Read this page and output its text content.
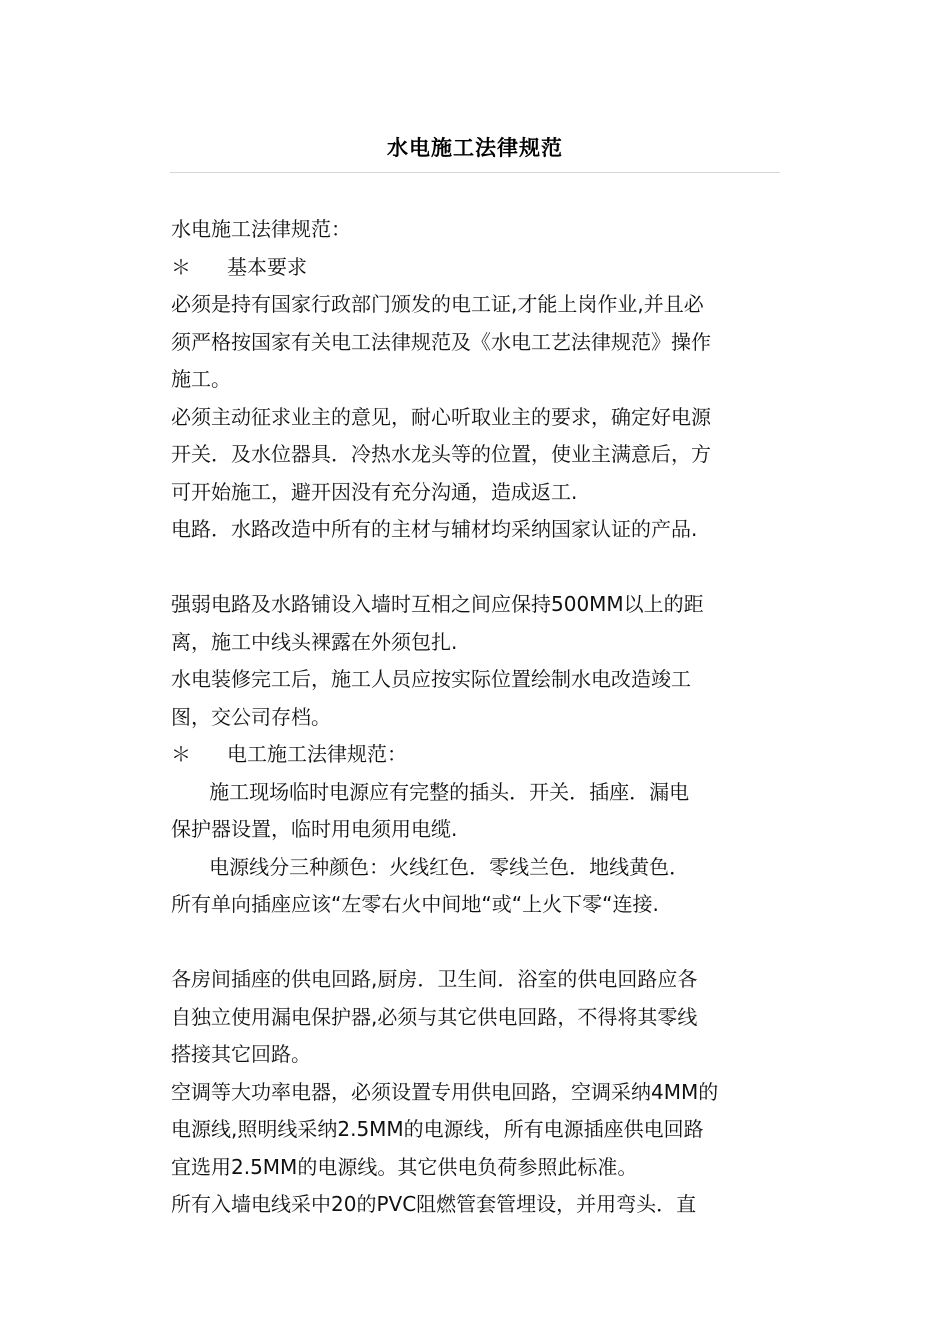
水电施工法律规范

水电施工法律规范：

＊ 基本要求

必须是持有国家行政部门颁发的电工证,才能上岗作业,并且必

须严格按国家有关电工法律规范及《水电工艺法律规范》操作

施工。

必须主动征求业主的意见，耐心听取业主的要求，确定好电源

开关．及水位器具．冷热水龙头等的位置，使业主满意后，方

可开始施工，避开因没有充分沟通，造成返工.

电路．水路改造中所有的主材与辅材均采纳国家认证的产品.

强弱电路及水路铺设入墙时互相之间应保持500MM以上的距

离，施工中线头裸露在外须包扎.

水电装修完工后，施工人员应按实际位置绘制水电改造竣工

图，交公司存档。

＊ 电工施工法律规范：

施工现场临时电源应有完整的插头．开关．插座．漏电

保护器设置，临时用电须用电缆.

电源线分三种颜色：火线红色．零线兰色．地线黄色．

所有单向插座应该“左零右火中间地“或“上火下零“连接.

各房间插座的供电回路,厨房．卫生间．浴室的供电回路应各

自独立使用漏电保护器,必须与其它供电回路，不得将其零线

搭接其它回路。

空调等大功率电器，必须设置专用供电回路，空调采纳4MM的

电源线,照明线采纳2.5MM的电源线，所有电源插座供电回路

宜选用2.5MM的电源线。其它供电负荷参照此标准。

所有入墙电线采中20的PVC阻燃管套管埋设，并用弯头．直
